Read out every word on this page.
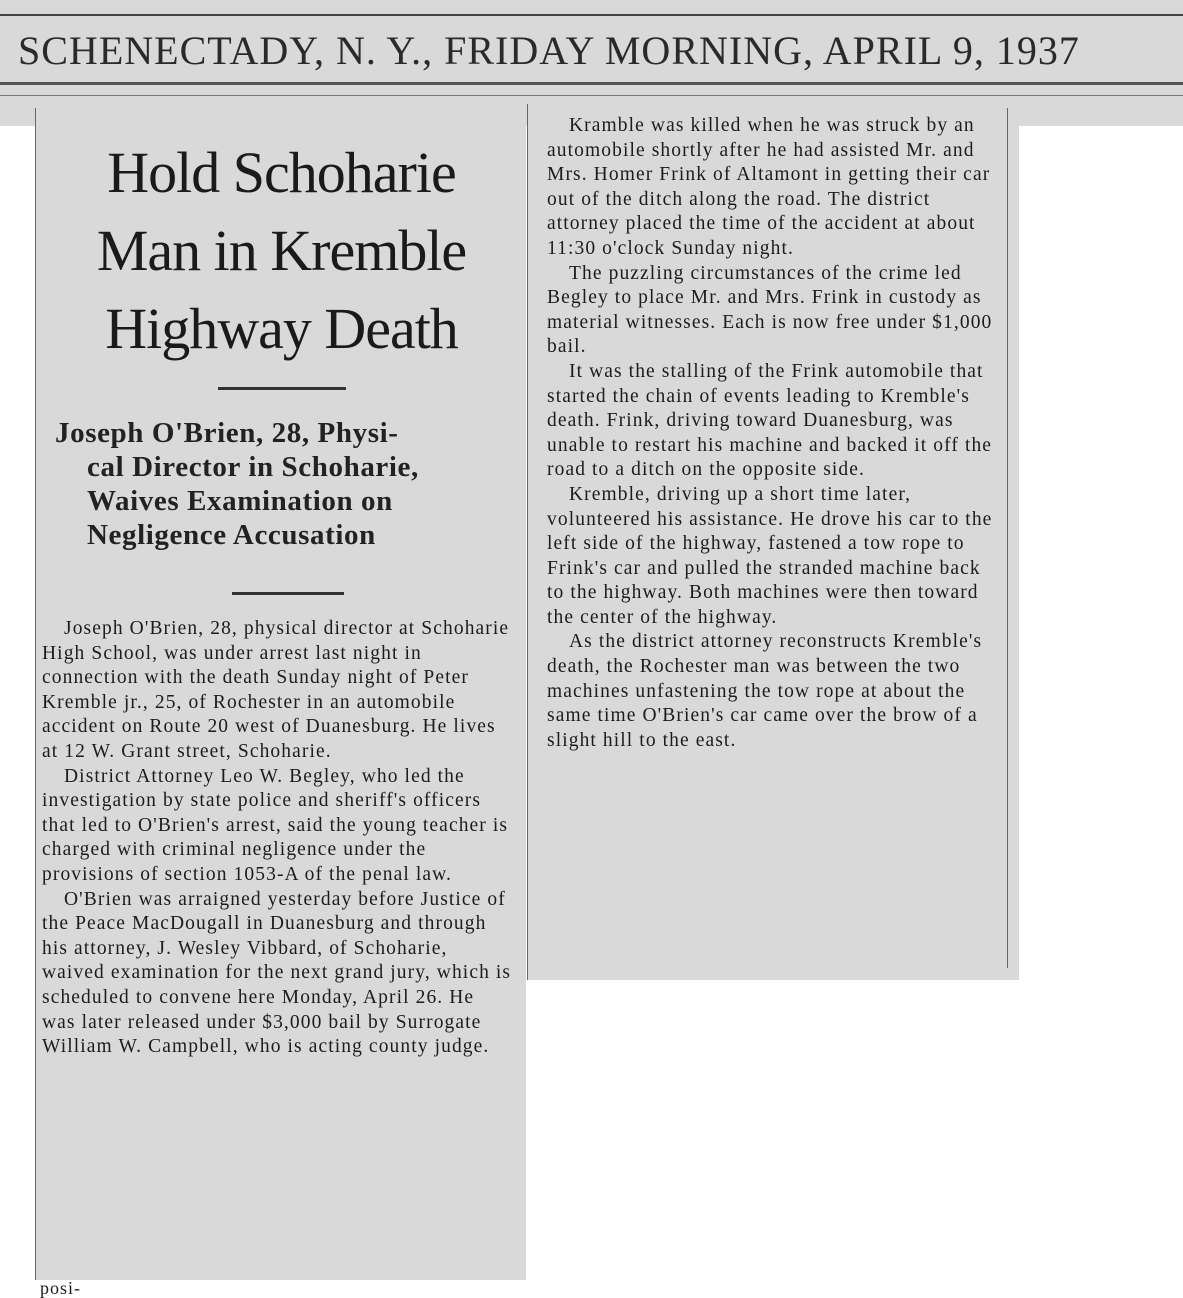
SCHENECTADY, N. Y., FRIDAY MORNING, APRIL 9, 1937
Hold Schoharie
Man in Kremble
Highway Death
Joseph O'Brien, 28, Physi-
cal Director in Schoharie,
Waives Examination on
Negligence Accusation

Joseph O'Brien, 28, physical director at Schoharie High School, was under arrest last night in connection with the death Sunday night of Peter Kremble jr., 25, of Rochester in an automobile accident on Route 20 west of Duanesburg. He lives at 12 W. Grant street, Schoharie.

District Attorney Leo W. Begley, who led the investigation by state police and sheriff's officers that led to O'Brien's arrest, said the young teacher is charged with criminal negligence under the provisions of section 1053-A of the penal law.

O'Brien was arraigned yesterday before Justice of the Peace MacDougall in Duanesburg and through his attorney, J. Wesley Vibbard, of Schoharie, waived examination for the next grand jury, which is scheduled to convene here Monday, April 26. He was later released under $3,000 bail by Surrogate William W. Campbell, who is acting county judge.

Kramble was killed when he was struck by an automobile shortly after he had assisted Mr. and Mrs. Homer Frink of Altamont in getting their car out of the ditch along the road. The district attorney placed the time of the accident at about 11:30 o'clock Sunday night.

The puzzling circumstances of the crime led Begley to place Mr. and Mrs. Frink in custody as material witnesses. Each is now free under $1,000 bail.

It was the stalling of the Frink automobile that started the chain of events leading to Kremble's death. Frink, driving toward Duanesburg, was unable to restart his machine and backed it off the road to a ditch on the opposite side.

Kremble, driving up a short time later, volunteered his assistance. He drove his car to the left side of the highway, fastened a tow rope to Frink's car and pulled the stranded machine back to the highway. Both machines were then toward the center of the highway.

As the district attorney reconstructs Kremble's death, the Rochester man was between the two machines unfastening the tow rope at about the same time O'Brien's car came over the brow of a slight hill to the east.

posi-
